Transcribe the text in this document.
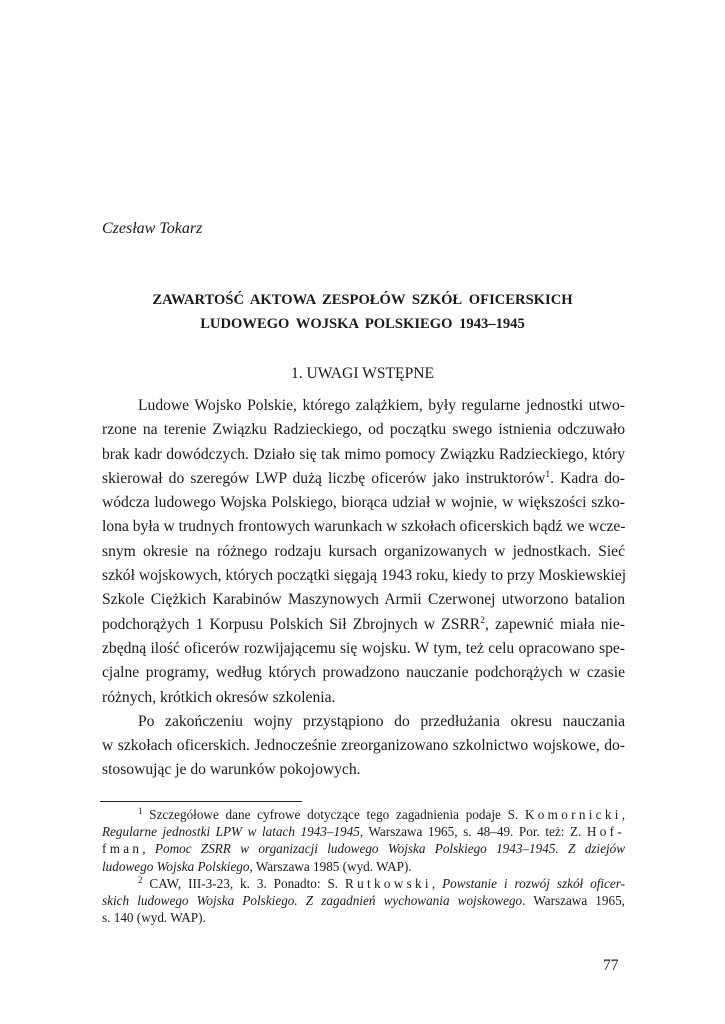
Czesław Tokarz
ZAWARTOŚĆ AKTOWA ZESPOŁÓW SZKÓŁ OFICERSKICH
LUDOWEGO WOJSKA POLSKIEGO 1943–1945
1. UWAGI WSTĘPNE

Ludowe Wojsko Polskie, którego zalążkiem, były regularne jednostki utwo-
rzone na terenie Związku Radzieckiego, od początku swego istnienia odczuwało
brak kadr dowódczych. Działo się tak mimo pomocy Związku Radzieckiego, który
skierował do szeregów LWP dużą liczbę oficerów jako instruktorów$^1$. Kadra do-
wódcza ludowego Wojska Polskiego, biorąca udział w wojnie, w większości szko-
lona była w trudnych frontowych warunkach w szkołach oficerskich bądź we wcze-
snym okresie na różnego rodzaju kursach organizowanych w jednostkach. Sieć
szkół wojskowych, których początki sięgają 1943 roku, kiedy to przy Moskiewskiej
Szkole Ciężkich Karabinów Maszynowych Armii Czerwonej utworzono batalion
podchorążych 1 Korpusu Polskich Sił Zbrojnych w ZSRR$^2$, zapewnić miała nie-
zbędną ilość oficerów rozwijającemu się wojsku. W tym, też celu opracowano spe-
cjalne programy, według których prowadzono nauczanie podchorążych w czasie
różnych, krótkich okresów szkolenia.

Po zakończeniu wojny przystąpiono do przedłużania okresu nauczania
w szkołach oficerskich. Jednocześnie zreorganizowano szkolnictwo wojskowe, do-
stosowując je do warunków pokojowych.

$^1$ Szczegółowe dane cyfrowe dotyczące tego zagadnienia podaje S. Komornicki,
Regularne jednostki LPW w latach 1943–1945, Warszawa 1965, s. 48–49. Por. też: Z. Hof-
fman, Pomoc ZSRR w organizacji ludowego Wojska Polskiego 1943–1945. Z dziejów
ludowego Wojska Polskiego, Warszawa 1985 (wyd. WAP).
$^2$ CAW, III-3-23, k. 3. Ponadto: S. Rutkowski, Powstanie i rozwój szkół oficer-
skich ludowego Wojska Polskiego. Z zagadnień wychowania wojskowego. Warszawa 1965,
s. 140 (wyd. WAP).
77
